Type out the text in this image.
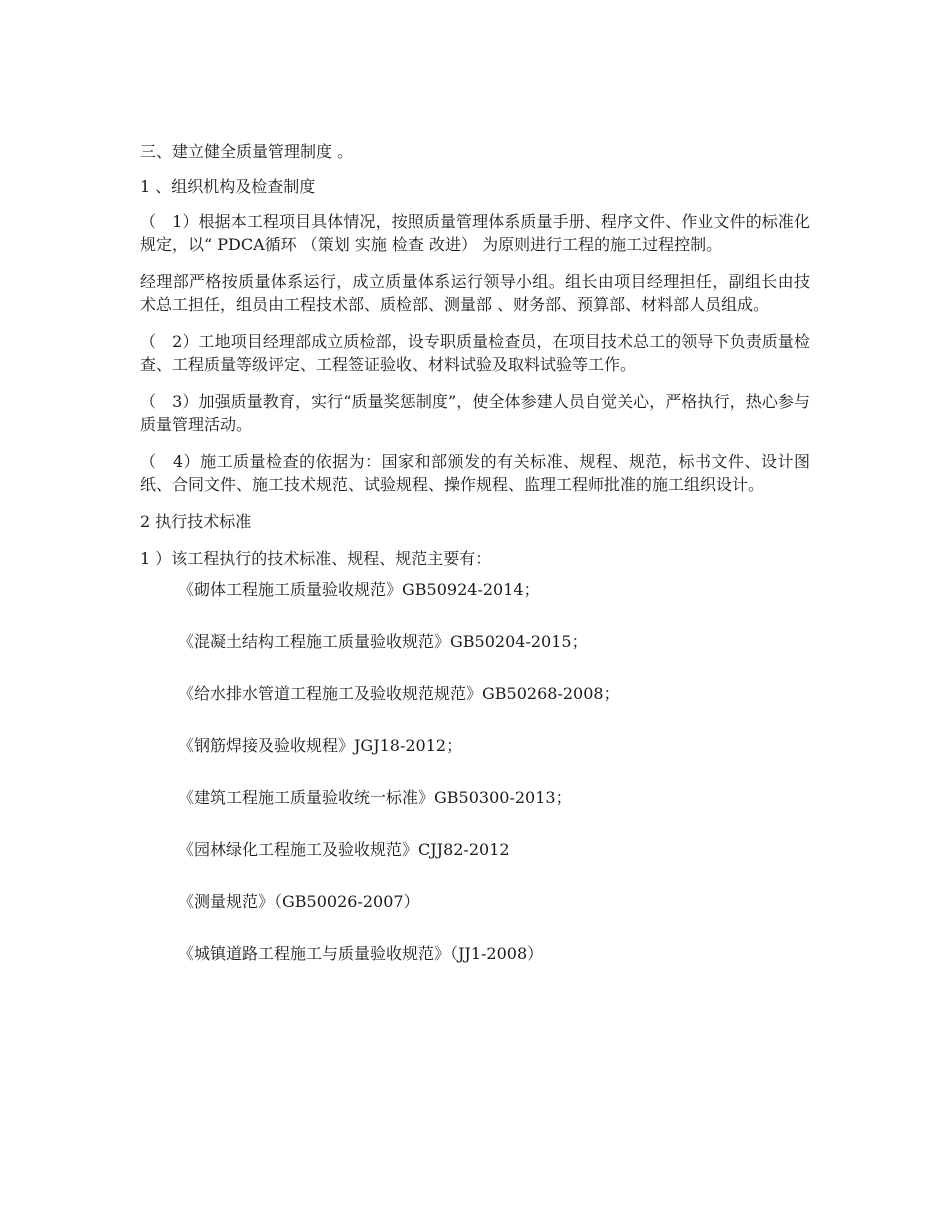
三、建立健全质量管理制度 。
1 、组织机构及检查制度
（　1）根据本工程项目具体情况，按照质量管理体系质量手册、程序文件、作业文件的标准化规定，以“ PDCA循环 （策划 实施 检查 改进） 为原则进行工程的施工过程控制。
经理部严格按质量体系运行，成立质量体系运行领导小组。组长由项目经理担任，副组长由技术总工担任，组员由工程技术部、质检部、测量部 、财务部、预算部、材料部人员组成。
（　2）工地项目经理部成立质检部，设专职质量检查员，在项目技术总工的领导下负责质量检查、工程质量等级评定、工程签证验收、材料试验及取料试验等工作。
（　3）加强质量教育，实行“质量奖惩制度”，使全体参建人员自觉关心，严格执行，热心参与质量管理活动。
（　4）施工质量检查的依据为：国家和部颁发的有关标准、规程、规范，标书文件、设计图纸、合同文件、施工技术规范、试验规程、操作规程、监理工程师批准的施工组织设计。
2 执行技术标准
1 ）该工程执行的技术标准、规程、规范主要有：
《砌体工程施工质量验收规范》GB50924-2014；
《混凝土结构工程施工质量验收规范》GB50204-2015；
《给水排水管道工程施工及验收规范规范》GB50268-2008；
《钢筋焊接及验收规程》JGJ18-2012；
《建筑工程施工质量验收统一标准》GB50300-2013；
《园林绿化工程施工及验收规范》CJJ82-2012
《测量规范》（GB50026-2007）
《城镇道路工程施工与质量验收规范》（JJ1-2008）
